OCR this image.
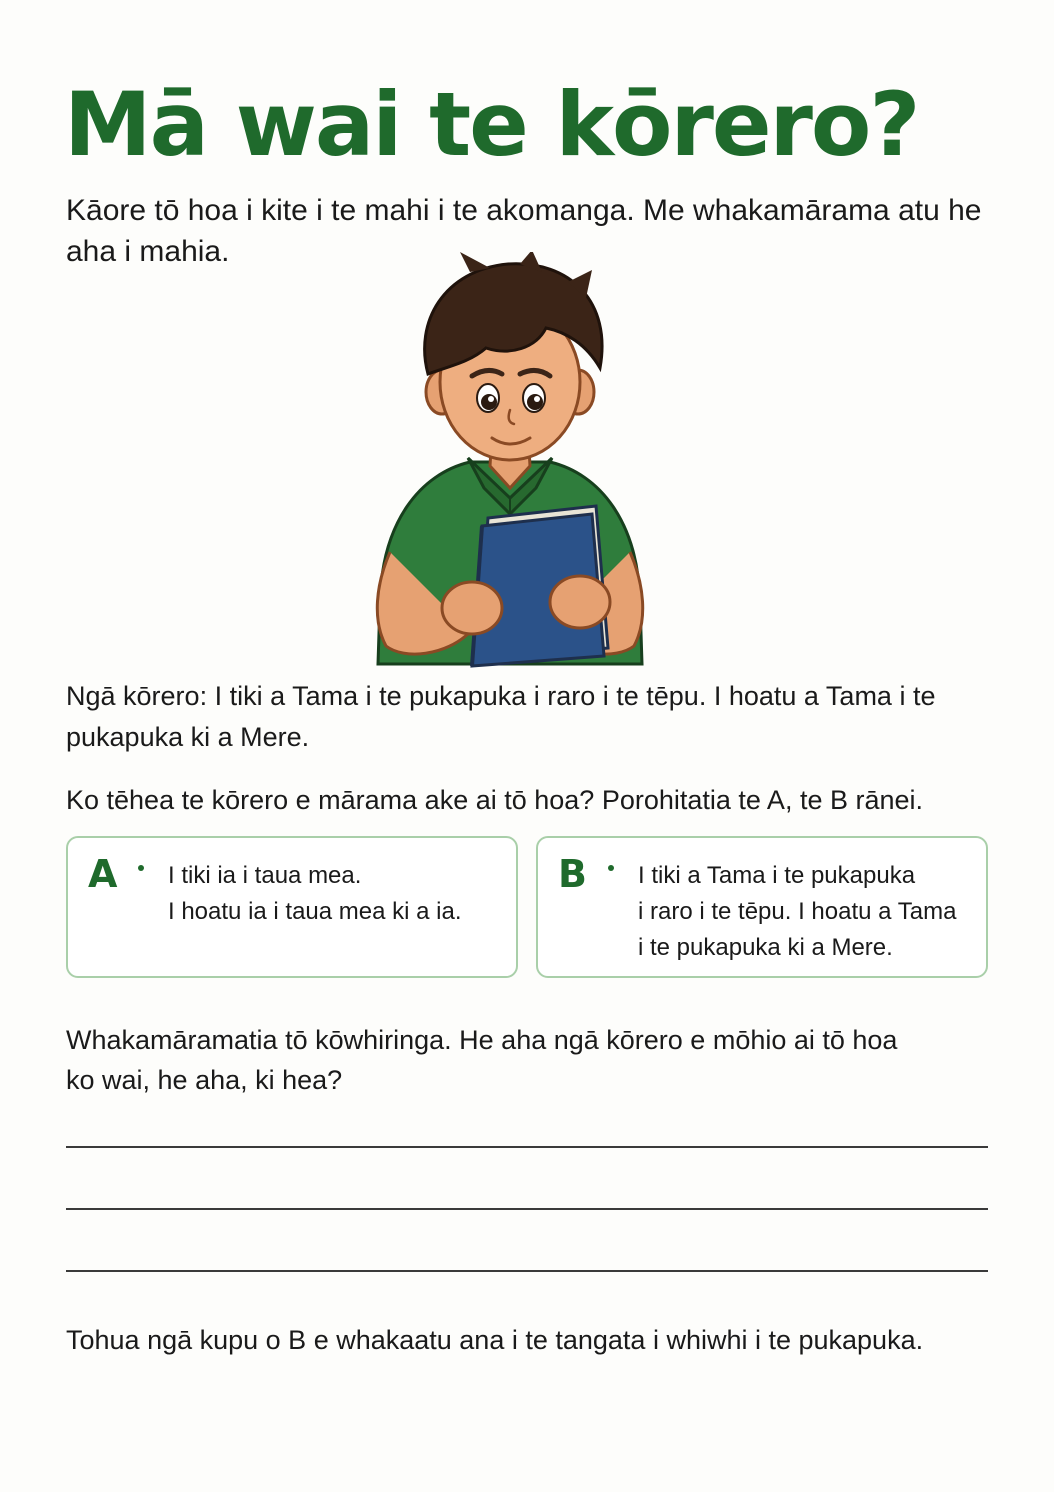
Mā wai te kōrero?

Kāore tō hoa i kite i te mahi i te akomanga. Me whakamārama atu he aha i mahia.

Ngā kōrero: I tiki a Tama i te pukapuka i raro i te tēpu. I hoatu a Tama i te pukapuka ki a Mere.

Ko tēhea te kōrero e mārama ake ai tō hoa? Porohitatia te A, te B rānei.

A I tiki ia i taua mea.
I hoatu ia i taua mea ki a ia.
B I tiki a Tama i te pukapuka
i raro i te tēpu. I hoatu a Tama
i te pukapuka ki a Mere.

Whakamāramatia tō kōwhiringa. He aha ngā kōrero e mōhio ai tō hoa
ko wai, he aha, ki hea?

Tohua ngā kupu o B e whakaatu ana i te tangata i whiwhi i te pukapuka.
